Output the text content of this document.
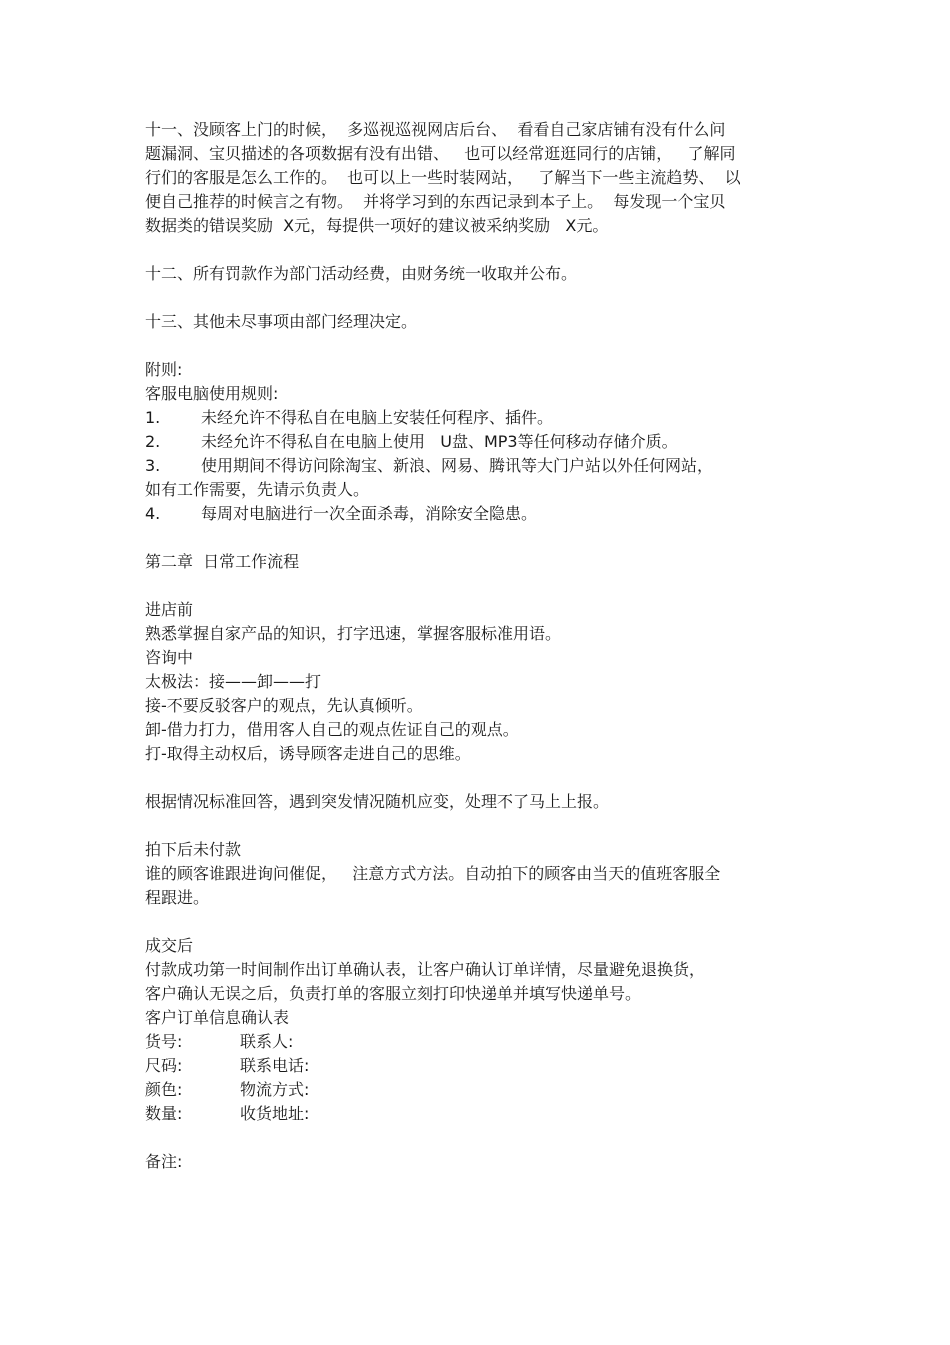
十一、没顾客上门的时候，  多巡视巡视网店后台、  看看自己家店铺有没有什么问
题漏洞、宝贝描述的各项数据有没有出错、   也可以经常逛逛同行的店铺，   了解同
行们的客服是怎么工作的。  也可以上一些时装网站，   了解当下一些主流趋势、  以
便自己推荐的时候言之有物。  并将学习到的东西记录到本子上。  每发现一个宝贝
数据类的错误奖励  X元，每提供一项好的建议被采纳奖励   X元。
十二、所有罚款作为部门活动经费，由财务统一收取并公布。
十三、其他未尽事项由部门经理决定。
附则:
客服电脑使用规则:
1.	未经允许不得私自在电脑上安装任何程序、插件。
2.	未经允许不得私自在电脑上使用   U盘、MP3等任何移动存储介质。
3.	使用期间不得访问除淘宝、新浪、网易、腾讯等大门户站以外任何网站，
如有工作需要，先请示负责人。
4.	每周对电脑进行一次全面杀毒，消除安全隐患。
第二章  日常工作流程
进店前
熟悉掌握自家产品的知识，打字迅速，掌握客服标准用语。
咨询中
太极法：接——卸——打
接-不要反驳客户的观点，先认真倾听。
卸-借力打力，借用客人自己的观点佐证自己的观点。
打-取得主动权后，诱导顾客走进自己的思维。
根据情况标准回答，遇到突发情况随机应变，处理不了马上上报。
拍下后未付款
谁的顾客谁跟进询问催促，   注意方式方法。自动拍下的顾客由当天的值班客服全
程跟进。
成交后
付款成功第一时间制作出订单确认表，让客户确认订单详情，尽量避免退换货，
客户确认无误之后，负责打单的客服立刻打印快递单并填写快递单号。
客户订单信息确认表
货号:	联系人:
尺码:	联系电话:
颜色:	物流方式:
数量:	收货地址:
备注:
